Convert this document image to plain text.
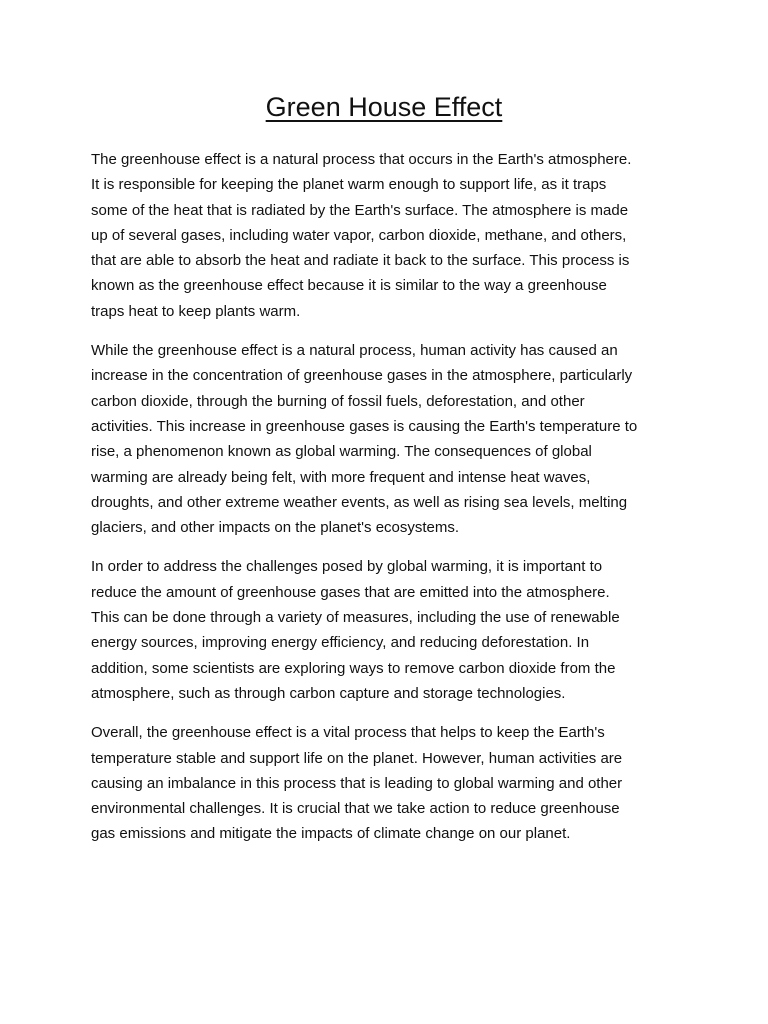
Green House Effect

The greenhouse effect is a natural process that occurs in the Earth's atmosphere.
It is responsible for keeping the planet warm enough to support life, as it traps
some of the heat that is radiated by the Earth's surface. The atmosphere is made
up of several gases, including water vapor, carbon dioxide, methane, and others,
that are able to absorb the heat and radiate it back to the surface. This process is
known as the greenhouse effect because it is similar to the way a greenhouse
traps heat to keep plants warm.

While the greenhouse effect is a natural process, human activity has caused an
increase in the concentration of greenhouse gases in the atmosphere, particularly
carbon dioxide, through the burning of fossil fuels, deforestation, and other
activities. This increase in greenhouse gases is causing the Earth's temperature to
rise, a phenomenon known as global warming. The consequences of global
warming are already being felt, with more frequent and intense heat waves,
droughts, and other extreme weather events, as well as rising sea levels, melting
glaciers, and other impacts on the planet's ecosystems.

In order to address the challenges posed by global warming, it is important to
reduce the amount of greenhouse gases that are emitted into the atmosphere.
This can be done through a variety of measures, including the use of renewable
energy sources, improving energy efficiency, and reducing deforestation. In
addition, some scientists are exploring ways to remove carbon dioxide from the
atmosphere, such as through carbon capture and storage technologies.

Overall, the greenhouse effect is a vital process that helps to keep the Earth's
temperature stable and support life on the planet. However, human activities are
causing an imbalance in this process that is leading to global warming and other
environmental challenges. It is crucial that we take action to reduce greenhouse
gas emissions and mitigate the impacts of climate change on our planet.
